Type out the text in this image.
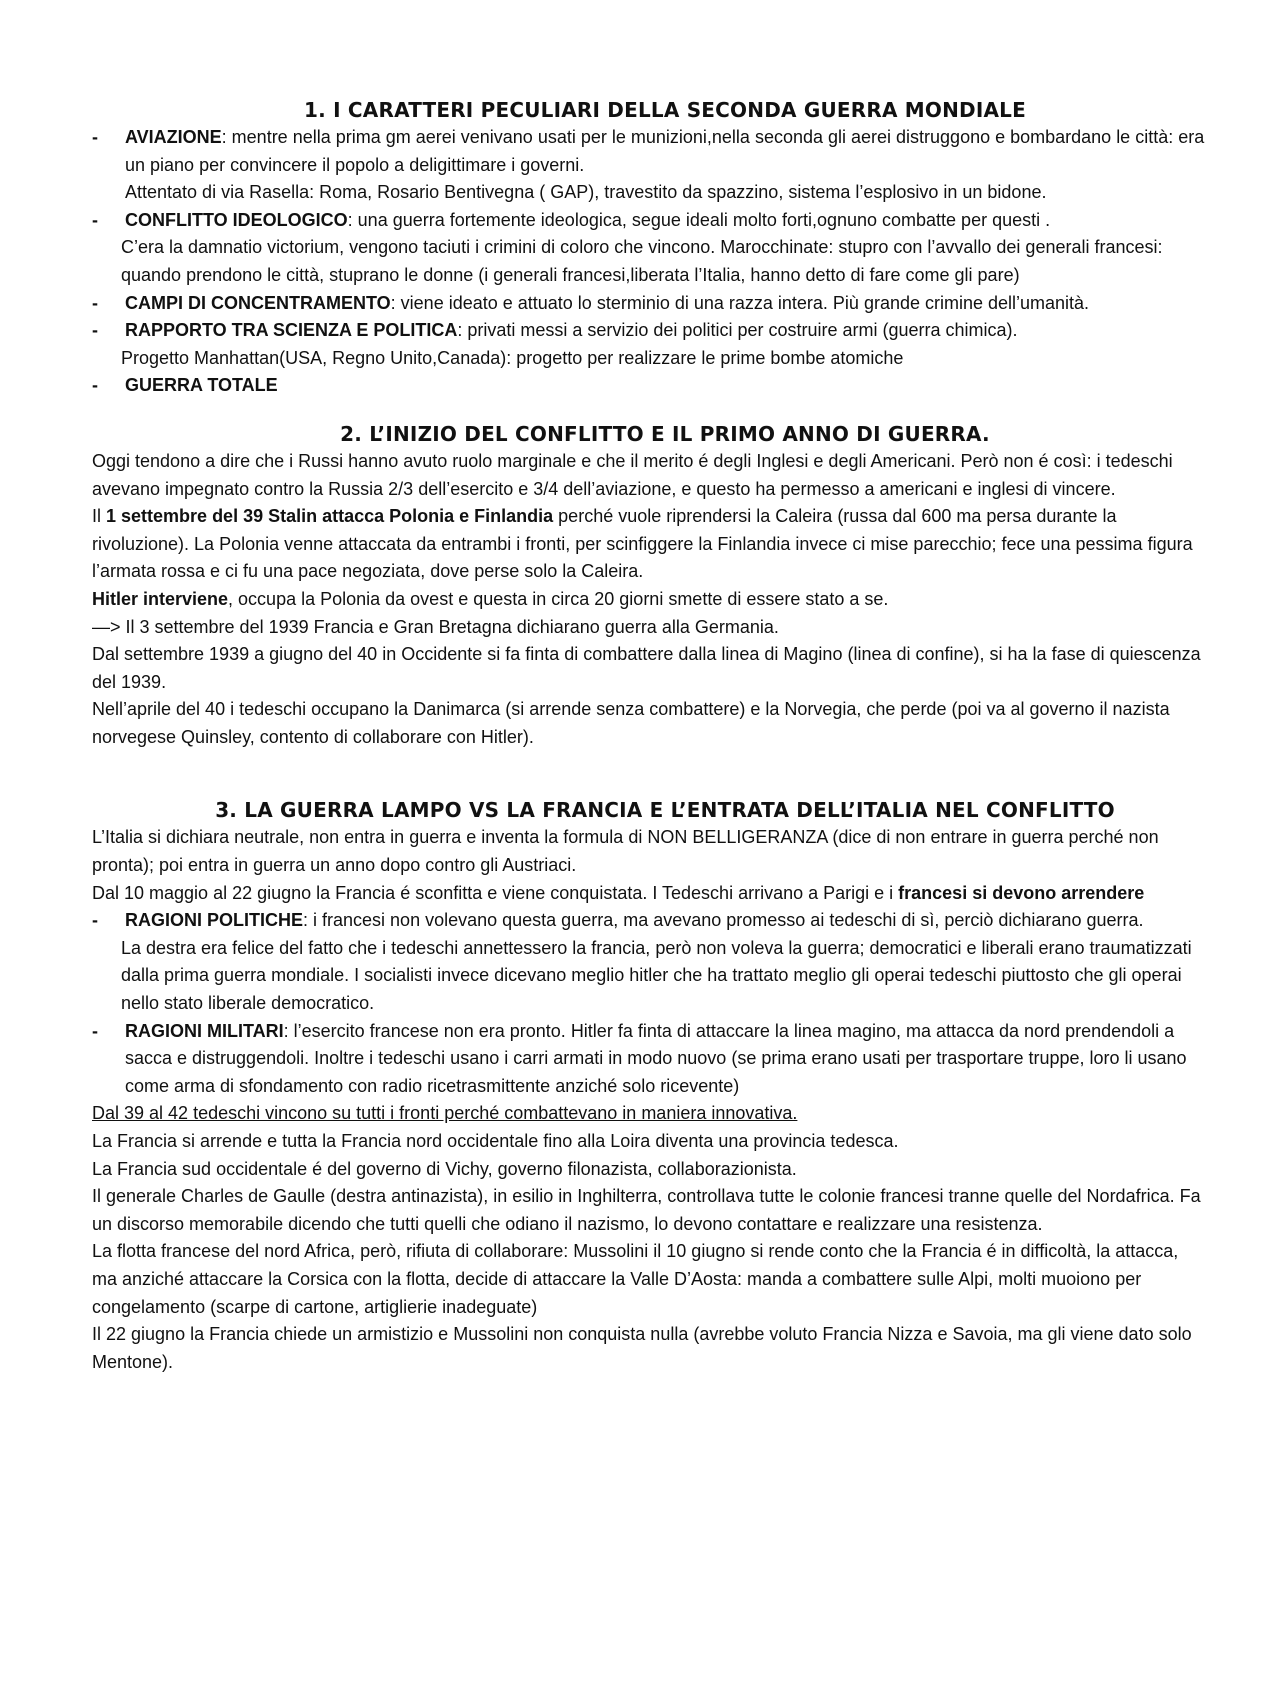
1. I CARATTERI PECULIARI DELLA SECONDA GUERRA MONDIALE
- AVIAZIONE: mentre nella prima gm aerei venivano usati per le munizioni,nella seconda gli aerei distruggono e bombardano le città: era un piano per convincere il popolo a deligittimare i governi.

Attentato di via Rasella: Roma, Rosario Bentivegna ( GAP), travestito da spazzino, sistema l’esplosivo in un bidone.

- CONFLITTO IDEOLOGICO: una guerra fortemente ideologica, segue ideali molto forti,ognuno combatte per questi .

C’era la damnatio victorium, vengono taciuti i crimini di coloro che vincono. Marocchinate: stupro con l’avvallo dei generali francesi: quando prendono le città, stuprano le donne (i generali francesi,liberata l’Italia, hanno detto di fare come gli pare)

- CAMPI DI CONCENTRAMENTO: viene ideato e attuato lo sterminio di una razza intera. Più grande crimine dell’umanità.
- RAPPORTO TRA SCIENZA E POLITICA: privati messi a servizio dei politici per costruire armi (guerra chimica).

Progetto Manhattan(USA, Regno Unito,Canada): progetto per realizzare le prime bombe atomiche

- GUERRA TOTALE
2. L’INIZIO DEL CONFLITTO E IL PRIMO ANNO DI GUERRA.

Oggi tendono a dire che i Russi hanno avuto ruolo marginale e che il merito é degli Inglesi e degli Americani. Però non é così: i tedeschi avevano impegnato contro la Russia 2/3 dell’esercito e 3/4 dell’aviazione, e questo ha permesso a americani e inglesi di vincere.

Il 1 settembre del 39 Stalin attacca Polonia e Finlandia perché vuole riprendersi la Caleira (russa dal 600 ma persa durante la rivoluzione). La Polonia venne attaccata da entrambi i fronti, per scinfiggere la Finlandia invece ci mise parecchio; fece una pessima figura l’armata rossa e ci fu una pace negoziata, dove perse solo la Caleira.

Hitler interviene, occupa la Polonia da ovest e questa in circa 20 giorni smette di essere stato a se.

—> Il 3 settembre del 1939 Francia e Gran Bretagna dichiarano guerra alla Germania.

Dal settembre 1939 a giugno del 40 in Occidente si fa finta di combattere dalla linea di Magino (linea di confine), si ha la fase di quiescenza del 1939.

Nell’aprile del 40 i tedeschi occupano la Danimarca (si arrende senza combattere) e la Norvegia, che perde (poi va al governo il nazista norvegese Quinsley, contento di collaborare con Hitler).

3. LA GUERRA LAMPO VS LA FRANCIA E L’ENTRATA DELL’ITALIA NEL CONFLITTO

L’Italia si dichiara neutrale, non entra in guerra e inventa la formula di NON BELLIGERANZA (dice di non entrare in guerra perché non pronta); poi entra in guerra un anno dopo contro gli Austriaci.

Dal 10 maggio al 22 giugno la Francia é sconfitta e viene conquistata. I Tedeschi arrivano a Parigi e i francesi si devono arrendere

- RAGIONI POLITICHE: i francesi non volevano questa guerra, ma avevano promesso ai tedeschi di sì, perciò dichiarano guerra.

La destra era felice del fatto che i tedeschi annettessero la francia, però non voleva la guerra; democratici e liberali erano traumatizzati dalla prima guerra mondiale. I socialisti invece dicevano meglio hitler che ha trattato meglio gli operai tedeschi piuttosto che gli operai nello stato liberale democratico.

- RAGIONI MILITARI: l’esercito francese non era pronto. Hitler fa finta di attaccare la linea magino, ma attacca da nord prendendoli a sacca e distruggendoli. Inoltre i tedeschi usano i carri armati in modo nuovo (se prima erano usati per trasportare truppe, loro li usano come arma di sfondamento con radio ricetrasmittente anziché solo ricevente)

Dal 39 al 42 tedeschi vincono su tutti i fronti perché combattevano in maniera innovativa.

La Francia si arrende e tutta la Francia nord occidentale fino alla Loira diventa una provincia tedesca.

La Francia sud occidentale é del governo di Vichy, governo filonazista, collaborazionista.

Il generale Charles de Gaulle (destra antinazista), in esilio in Inghilterra, controllava tutte le colonie francesi tranne quelle del Nordafrica. Fa un discorso memorabile dicendo che tutti quelli che odiano il nazismo, lo devono contattare e realizzare una resistenza.

La flotta francese del nord Africa, però, rifiuta di collaborare: Mussolini il 10 giugno si rende conto che la Francia é in difficoltà, la attacca, ma anziché attaccare la Corsica con la flotta, decide di attaccare la Valle D’Aosta: manda a combattere sulle Alpi, molti muoiono per congelamento (scarpe di cartone, artiglierie inadeguate)

Il 22 giugno la Francia chiede un armistizio e Mussolini non conquista nulla (avrebbe voluto Francia Nizza e Savoia, ma gli viene dato solo Mentone).
